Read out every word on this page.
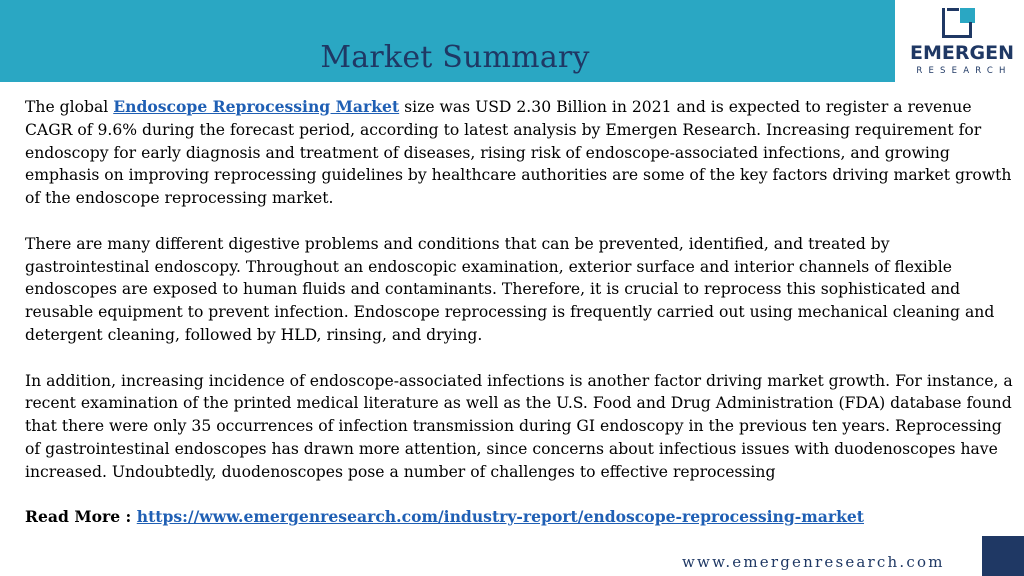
Market Summary	EMERGEN
RESEARCH

The global Endoscope Reprocessing Market size was USD 2.30 Billion in 2021 and is expected to register a revenue CAGR of 9.6% during the forecast period, according to latest analysis by Emergen Research. Increasing requirement for endoscopy for early diagnosis and treatment of diseases, rising risk of endoscope-associated infections, and growing emphasis on improving reprocessing guidelines by healthcare authorities are some of the key factors driving market growth of the endoscope reprocessing market.

There are many different digestive problems and conditions that can be prevented, identified, and treated by gastrointestinal endoscopy. Throughout an endoscopic examination, exterior surface and interior channels of flexible endoscopes are exposed to human fluids and contaminants. Therefore, it is crucial to reprocess this sophisticated and reusable equipment to prevent infection. Endoscope reprocessing is frequently carried out using mechanical cleaning and detergent cleaning, followed by HLD, rinsing, and drying.

In addition, increasing incidence of endoscope-associated infections is another factor driving market growth. For instance, a recent examination of the printed medical literature as well as the U.S. Food and Drug Administration (FDA) database found that there were only 35 occurrences of infection transmission during GI endoscopy in the previous ten years. Reprocessing of gastrointestinal endoscopes has drawn more attention, since concerns about infectious issues with duodenoscopes have increased. Undoubtedly, duodenoscopes pose a number of challenges to effective reprocessing

Read More : https://www.emergenresearch.com/industry-report/endoscope-reprocessing-market

www.emergenresearch.com
